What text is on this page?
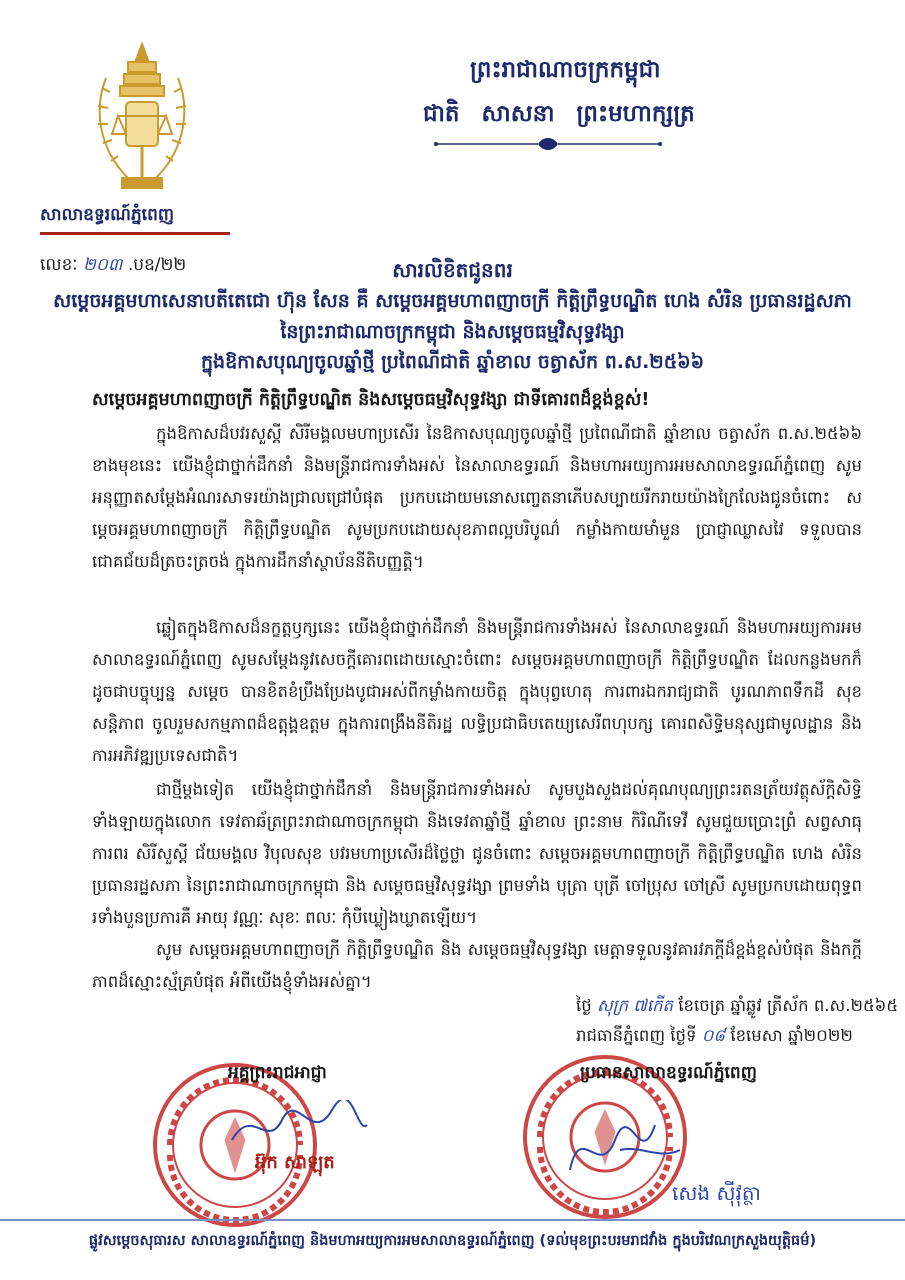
សាលាឧទ្ធរណ៍ភ្នំពេញ
ព្រះរាជាណាចក្រកម្ពុជា
ជាតិ សាសនា ព្រះមហាក្សត្រ
លេខៈ ២០៣ .បឧ/២២	សារលិខិតជូនពរ
សម្តេចអគ្គមហាសេនាបតីតេជោ ហ៊ុន សែន គឺ សម្តេចអគ្គមហាពញាចក្រី កិត្តិព្រឹទ្ធបណ្ឌិត ហេង សំរិន ប្រធានរដ្ឋសភា
នៃព្រះរាជាណាចក្រកម្ពុជា និងសម្តេចធម្មវិសុទ្ធវង្សា
ក្នុងឱកាសបុណ្យចូលឆ្នាំថ្មី ប្រពៃណីជាតិ ឆ្នាំខាល ចត្វាស័ក ព.ស.២៥៦៦
សម្តេចអគ្គមហាពញាចក្រី កិត្តិព្រឹទ្ធបណ្ឌិត និងសម្តេចធម្មវិសុទ្ធវង្សា ជាទីគោរពដ៏ខ្ពង់ខ្ពស់!

ក្នុងឱកាសដ៏បវរសួស្តី សិរីមង្គលមហាប្រសើរ នៃឱកាសបុណ្យចូលឆ្នាំថ្មី ប្រពៃណីជាតិ ឆ្នាំខាល ចត្វាស័ក ព.ស.២៥៦៦ ខាងមុខនេះ យើងខ្ញុំជាថ្នាក់ដឹកនាំ និងមន្ត្រីរាជការទាំងអស់ នៃសាលាឧទ្ធរណ៍ និងមហាអយ្យការអមសាលាឧទ្ធរណ៍ភ្នំពេញ សូមអនុញ្ញាតសម្តែងអំណរសាទរយ៉ាងជ្រាលជ្រៅបំផុត ប្រកបដោយមនោសញ្ចេតនាភើបសប្បាយរីករាយយ៉ាងក្រៃលែងជូនចំពោះ សម្តេចអគ្គមហាពញាចក្រី កិត្តិព្រឹទ្ធបណ្ឌិត សូមប្រកបដោយសុខភាពល្អបរិបូណ៌ កម្លាំងកាយមាំមួន ប្រាជ្ញាឈ្លាសវៃ ទទួលបានជោគជ័យដ៏ត្រចះត្រចង់ ក្នុងការដឹកនាំស្ថាប័ននីតិបញ្ញត្តិ។

ឆ្លៀតក្នុងឱកាសដ៏នក្ខត្តឫក្សនេះ យើងខ្ញុំជាថ្នាក់ដឹកនាំ និងមន្ត្រីរាជការទាំងអស់ នៃសាលាឧទ្ធរណ៍ និងមហាអយ្យការអមសាលាឧទ្ធរណ៍ភ្នំពេញ សូមសម្តែងនូវសេចក្តីគោរពដោយស្មោះចំពោះ សម្តេចអគ្គមហាពញាចក្រី កិត្តិព្រឹទ្ធបណ្ឌិត ដែលកន្លងមកក៏ដូចជាបច្ចុប្បន្ន សម្តេច បានខិតខំប្រឹងប្រែងបូជាអស់ពីកម្លាំងកាយចិត្ត ក្នុងបុព្វហេតុ ការពារឯករាជ្យជាតិ បូរណភាពទឹកដី សុខសន្តិភាព ចូលរួមសកម្មភាពដ៏ឧត្តុង្គឧត្តម ក្នុងការពង្រឹងនីតិរដ្ឋ លទ្ធិប្រជាធិបតេយ្យសេរីពហុបក្ស គោរពសិទ្ធិមនុស្សជាមូលដ្ឋាន និងការអភិវឌ្ឍប្រទេសជាតិ។

ជាថ្មីម្តងទៀត យើងខ្ញុំជាថ្នាក់ដឹកនាំ និងមន្ត្រីរាជការទាំងអស់ សូមបួងសួងដល់គុណបុណ្យព្រះរតនត្រ័យវត្ថុស័ក្តិសិទ្ធិទាំងឡាយក្នុងលោក ទេវតាឆ័ត្រព្រះរាជាណាចក្រកម្ពុជា និងទេវតាឆ្នាំថ្មី ឆ្នាំខាល ព្រះនាម កិរិណីទេវី សូមជួយប្រោះព្រំ សព្វសាធុការពរ សិរីសួស្តី ជ័យមង្គល វិបុលសុខ បវរមហាប្រសើរដ៏ថ្លៃថ្លា ជូនចំពោះ សម្តេចអគ្គមហាពញាចក្រី កិត្តិព្រឹទ្ធបណ្ឌិត ហេង សំរិន ប្រធានរដ្ឋសភា នៃព្រះរាជាណាចក្រកម្ពុជា និង សម្តេចធម្មវិសុទ្ធវង្សា ព្រមទាំង បុត្រា បុត្រី ចៅប្រុស ចៅស្រី សូមប្រកបដោយពុទ្ធពរទាំងបួនប្រការគឺ អាយុ វណ្ណៈ សុខៈ ពលៈ កុំបីឃ្លៀងឃ្លាតឡើយ។

សូម សម្តេចអគ្គមហាពញាចក្រី កិត្តិព្រឹទ្ធបណ្ឌិត និង សម្តេចធម្មវិសុទ្ធវង្សា មេត្តាទទួលនូវគារវភក្តីដ៏ខ្ពង់ខ្ពស់បំផុត និងកក្តីភាពដ៏ស្មោះស្ម័គ្របំផុត អំពីយើងខ្ញុំទាំងអស់គ្នា។

ថ្ងៃ សុក្រ ៧កើត ខែចេត្រ ឆ្នាំឆ្លូវ ត្រីស័ក ព.ស.២៥៦៥
រាជធានីភ្នំពេញ ថ្ងៃទី ០៨ ខែមេសា ឆ្នាំ២០២២
អគ្គព្រះរាជអាជ្ញា	ប្រធានសាលាឧទ្ធរណ៍ភ្នំពេញ
អ៊ុក សាឡុត
សេង ស៊ីវុត្ថា
ផ្លូវសម្តេចសុធារស សាលាឧទ្ធរណ៍ភ្នំពេញ និងមហាអយ្យការអមសាលាឧទ្ធរណ៍ភ្នំពេញ (ទល់មុខព្រះបរមរាជវាំង ក្នុងបរិវេណក្រសួងយុត្តិធម៌)
